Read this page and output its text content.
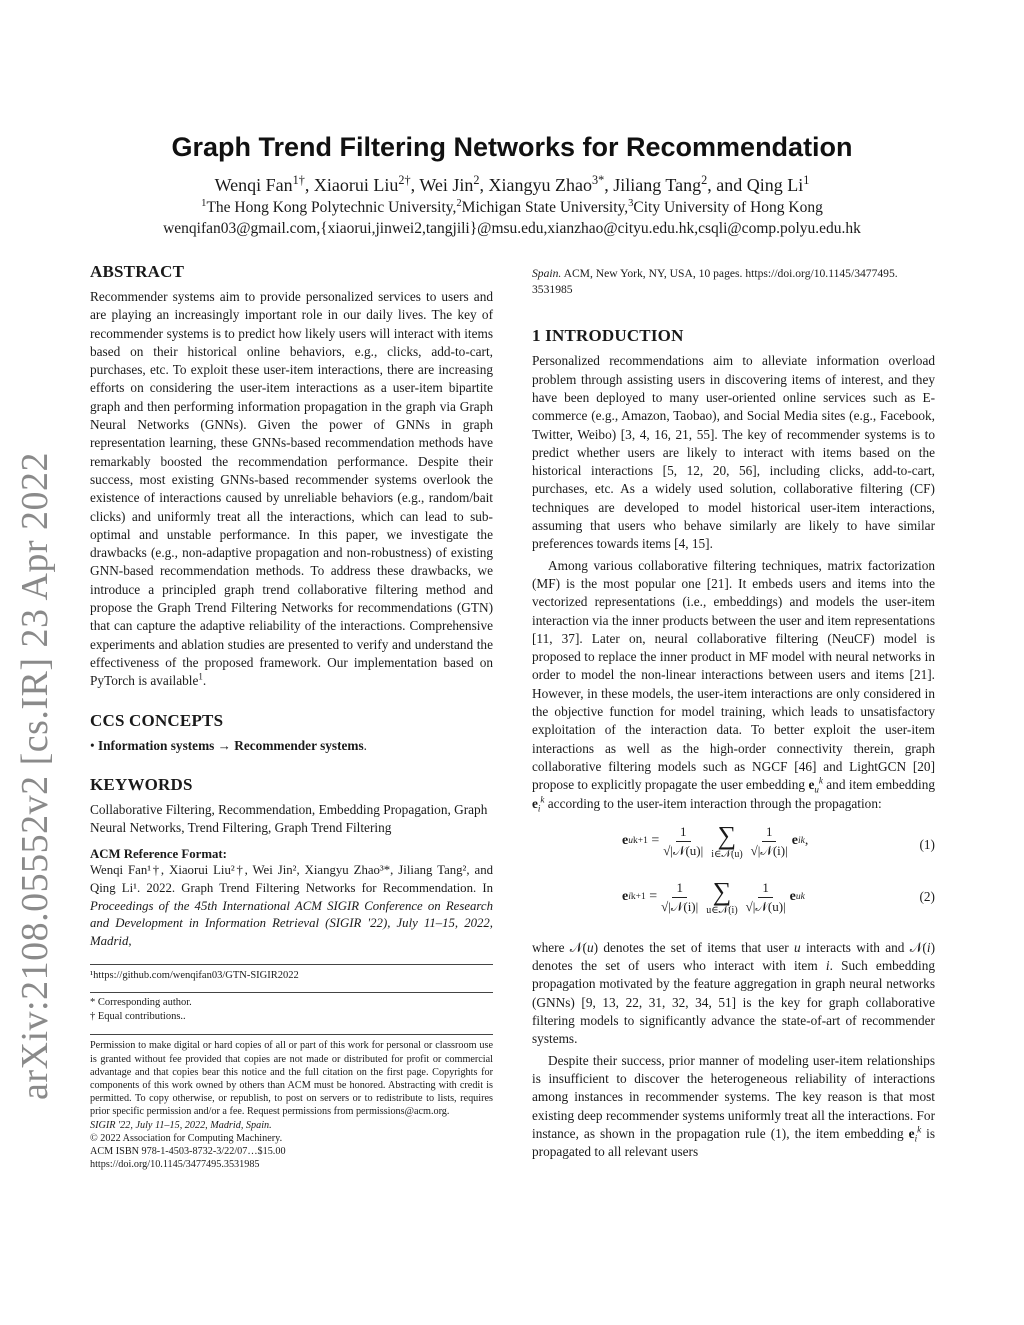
arXiv:2108.05552v2 [cs.IR] 23 Apr 2022
Graph Trend Filtering Networks for Recommendation
Wenqi Fan$^{1\dagger}$, Xiaorui Liu$^{2\dagger}$, Wei Jin$^2$, Xiangyu Zhao$^{3*}$, Jiliang Tang$^2$, and Qing Li$^1$
$^1$The Hong Kong Polytechnic University,$^2$Michigan State University,$^3$City University of Hong Kong
wenqifan03@gmail.com,{xiaorui,jinwei2,tangjili}@msu.edu,xianzhao@cityu.edu.hk,csqli@comp.polyu.edu.hk
ABSTRACT
Recommender systems aim to provide personalized services to users and are playing an increasingly important role in our daily lives. The key of recommender systems is to predict how likely users will interact with items based on their historical online behaviors, e.g., clicks, add-to-cart, purchases, etc. To exploit these user-item interactions, there are increasing efforts on considering the user-item interactions as a user-item bipartite graph and then performing information propagation in the graph via Graph Neural Networks (GNNs). Given the power of GNNs in graph representation learning, these GNNs-based recommendation methods have remarkably boosted the recommendation performance. Despite their success, most existing GNNs-based recommender systems overlook the existence of interactions caused by unreliable behaviors (e.g., random/bait clicks) and uniformly treat all the interactions, which can lead to sub-optimal and unstable performance. In this paper, we investigate the drawbacks (e.g., non-adaptive propagation and non-robustness) of existing GNN-based recommendation methods. To address these drawbacks, we introduce a principled graph trend collaborative filtering method and propose the Graph Trend Filtering Networks for recommendations (GTN) that can capture the adaptive reliability of the interactions. Comprehensive experiments and ablation studies are presented to verify and understand the effectiveness of the proposed framework. Our implementation based on PyTorch is available$^1$.
CCS CONCEPTS
• Information systems → Recommender systems.
KEYWORDS
Collaborative Filtering, Recommendation, Embedding Propagation, Graph Neural Networks, Trend Filtering, Graph Trend Filtering
ACM Reference Format:
Wenqi Fan¹†, Xiaorui Liu²†, Wei Jin², Xiangyu Zhao³*, Jiliang Tang², and Qing Li¹. 2022. Graph Trend Filtering Networks for Recommendation. In Proceedings of the 45th International ACM SIGIR Conference on Research and Development in Information Retrieval (SIGIR '22), July 11–15, 2022, Madrid,
¹https://github.com/wenqifan03/GTN-SIGIR2022
* Corresponding author.
† Equal contributions..
Permission to make digital or hard copies of all or part of this work for personal or classroom use is granted without fee provided that copies are not made or distributed for profit or commercial advantage and that copies bear this notice and the full citation on the first page. Copyrights for components of this work owned by others than ACM must be honored. Abstracting with credit is permitted. To copy otherwise, or republish, to post on servers or to redistribute to lists, requires prior specific permission and/or a fee. Request permissions from permissions@acm.org.
SIGIR '22, July 11–15, 2022, Madrid, Spain.
© 2022 Association for Computing Machinery.
ACM ISBN 978-1-4503-8732-3/22/07…$15.00
https://doi.org/10.1145/3477495.3531985
Spain. ACM, New York, NY, USA, 10 pages. https://doi.org/10.1145/3477495. 3531985
1 INTRODUCTION
Personalized recommendations aim to alleviate information overload problem through assisting users in discovering items of interest, and they have been deployed to many user-oriented online services such as E-commerce (e.g., Amazon, Taobao), and Social Media sites (e.g., Facebook, Twitter, Weibo) [3, 4, 16, 21, 55]. The key of recommender systems is to predict whether users are likely to interact with items based on the historical interactions [5, 12, 20, 56], including clicks, add-to-cart, purchases, etc. As a widely used solution, collaborative filtering (CF) techniques are developed to model historical user-item interactions, assuming that users who behave similarly are likely to have similar preferences towards items [4, 15].
Among various collaborative filtering techniques, matrix factorization (MF) is the most popular one [21]. It embeds users and items into the vectorized representations (i.e., embeddings) and models the user-item interaction via the inner products between the user and item representations [11, 37]. Later on, neural collaborative filtering (NeuCF) model is proposed to replace the inner product in MF model with neural networks in order to model the non-linear interactions between users and items [21]. However, in these models, the user-item interactions are only considered in the objective function for model training, which leads to unsatisfactory exploitation of the interaction data. To better exploit the user-item interactions as well as the high-order connectivity therein, graph collaborative filtering models such as NGCF [46] and LightGCN [20] propose to explicitly propagate the user embedding $e_u^k$ and item embedding $e_i^k$ according to the user-item interaction through the propagation:
e u $k+1 = \frac{1}{\text{√|𝒩(u)|}}$ ∑
i∈𝒩(u) $\frac{1}{\text{√|𝒩(i)|}}$ e i k ,	(1)
e i $k+1 = \frac{1}{\text{√|𝒩(i)|}}$ ∑
u∈𝒩(i) $\frac{1}{\text{√|𝒩(u)|}}$ e u k	(2)
where 𝒩(u) denotes the set of items that user u interacts with and 𝒩(i) denotes the set of users who interact with item i. Such embedding propagation motivated by the feature aggregation in graph neural networks (GNNs) [9, 13, 22, 31, 32, 34, 51] is the key for graph collaborative filtering models to significantly advance the state-of-art of recommender systems.
Despite their success, prior manner of modeling user-item relationships is insufficient to discover the heterogeneous reliability of interactions among instances in recommender systems. The key reason is that most existing deep recommender systems uniformly treat all the interactions. For instance, as shown in the propagation rule (1), the item embedding $e_i^k$ is propagated to all relevant users
